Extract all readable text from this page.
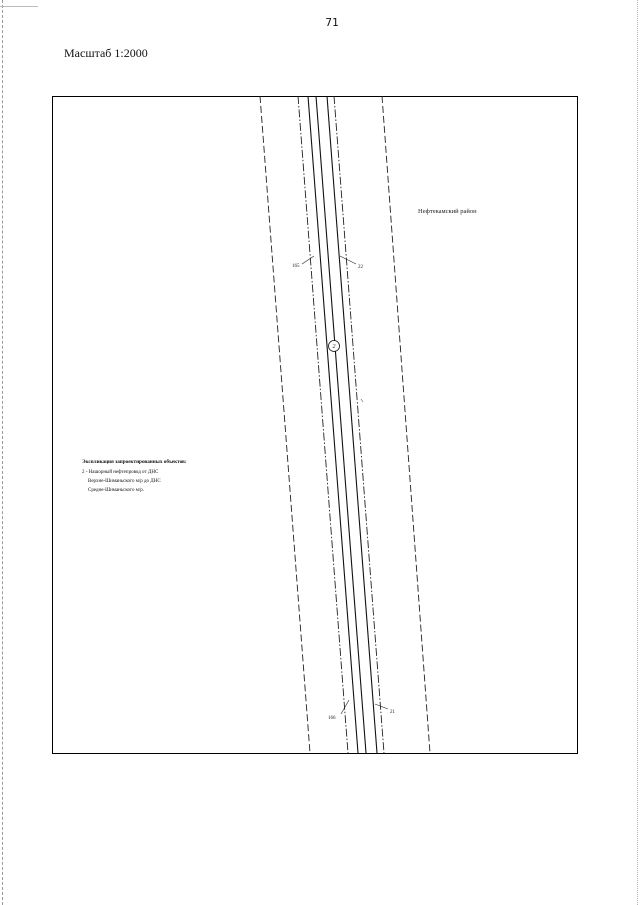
71
Масштаб 1:2000
165	22
166
21
2
Нефтекамский район
Экспликация запроектированных объектов:
2 - Нашорный нефтепровод от ДНС
Верхне-Шиманьского м/р до ДНС
Средне-Шиманьского м/р.
